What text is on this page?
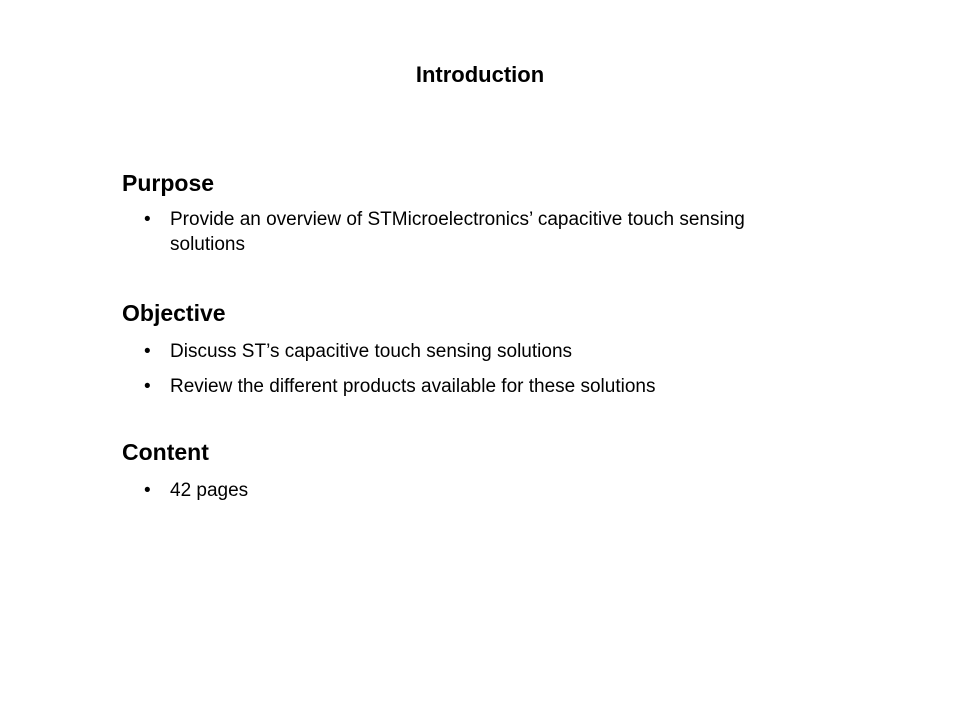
Introduction
Purpose
• Provide an overview of STMicroelectronics’ capacitive touch sensing solutions
Objective
• Discuss ST’s capacitive touch sensing solutions
• Review the different products available for these solutions
Content
• 42 pages
